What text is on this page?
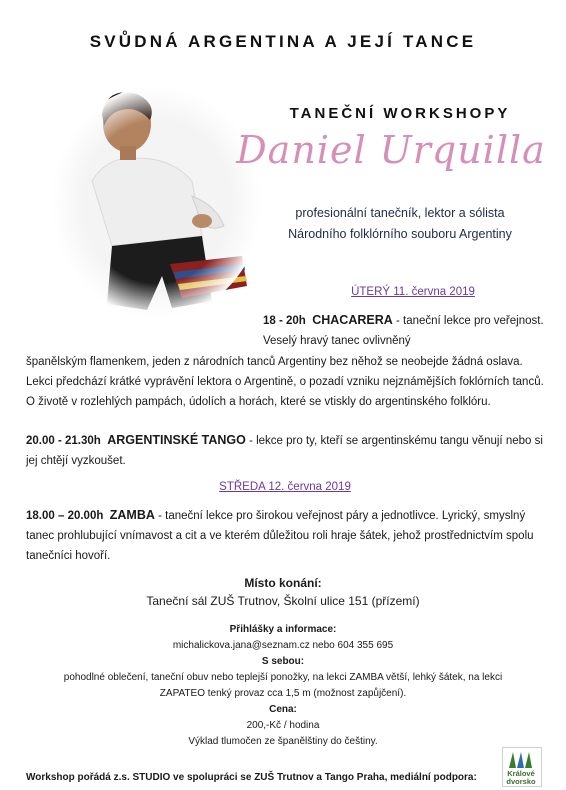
SVŮDNÁ ARGENTINA A JEJÍ TANCE
TANEČNÍ WORKSHOPY
Daniel Urquilla
profesionální tanečník, lektor a sólista
Národního folklórního souboru Argentiny
ÚTERÝ 11. června 2019
18 - 20h CHACARERA - taneční lekce pro veřejnost. Veselý hravý tanec ovlivněný
španělským flamenkem, jeden z národních tanců Argentiny bez něhož se neobejde žádná oslava. Lekci předchází krátké vyprávění lektora o Argentině, o pozadí vzniku nejznámějších foklórních tanců. O životě v rozlehlých pampách, údolích a horách, které se vtiskly do argentinského folklóru.
20.00 - 21.30h ARGENTINSKÉ TANGO - lekce pro ty, kteří se argentinskému tangu věnují nebo si jej chtějí vyzkoušet.
STŘEDA 12. června 2019
18.00 – 20.00h ZAMBA - taneční lekce pro širokou veřejnost páry a jednotlivce. Lyrický, smyslný tanec prohlubující vnímavost a cit a ve kterém důležitou roli hraje šátek, jehož prostřednictvím spolu tanečníci hovoří.
Místo konání:
Taneční sál ZUŠ Trutnov, Školní ulice 151 (přízemí)
Přihlášky a informace:
michalickova.jana@seznam.cz nebo 604 355 695
S sebou:
pohodlné oblečení, taneční obuv nebo teplejší ponožky, na lekci ZAMBA větší, lehký šátek, na lekci ZAPATEO tenký provaz cca 1,5 m (možnost zapůjčení).
Cena:
200,-Kč / hodina
Výklad tlumočen ze španělštiny do češtiny.
Workshop pořádá z.s. STUDIO ve spolupráci se ZUŠ Trutnov a Tango Praha, mediální podpora:	Králové dvorsko
